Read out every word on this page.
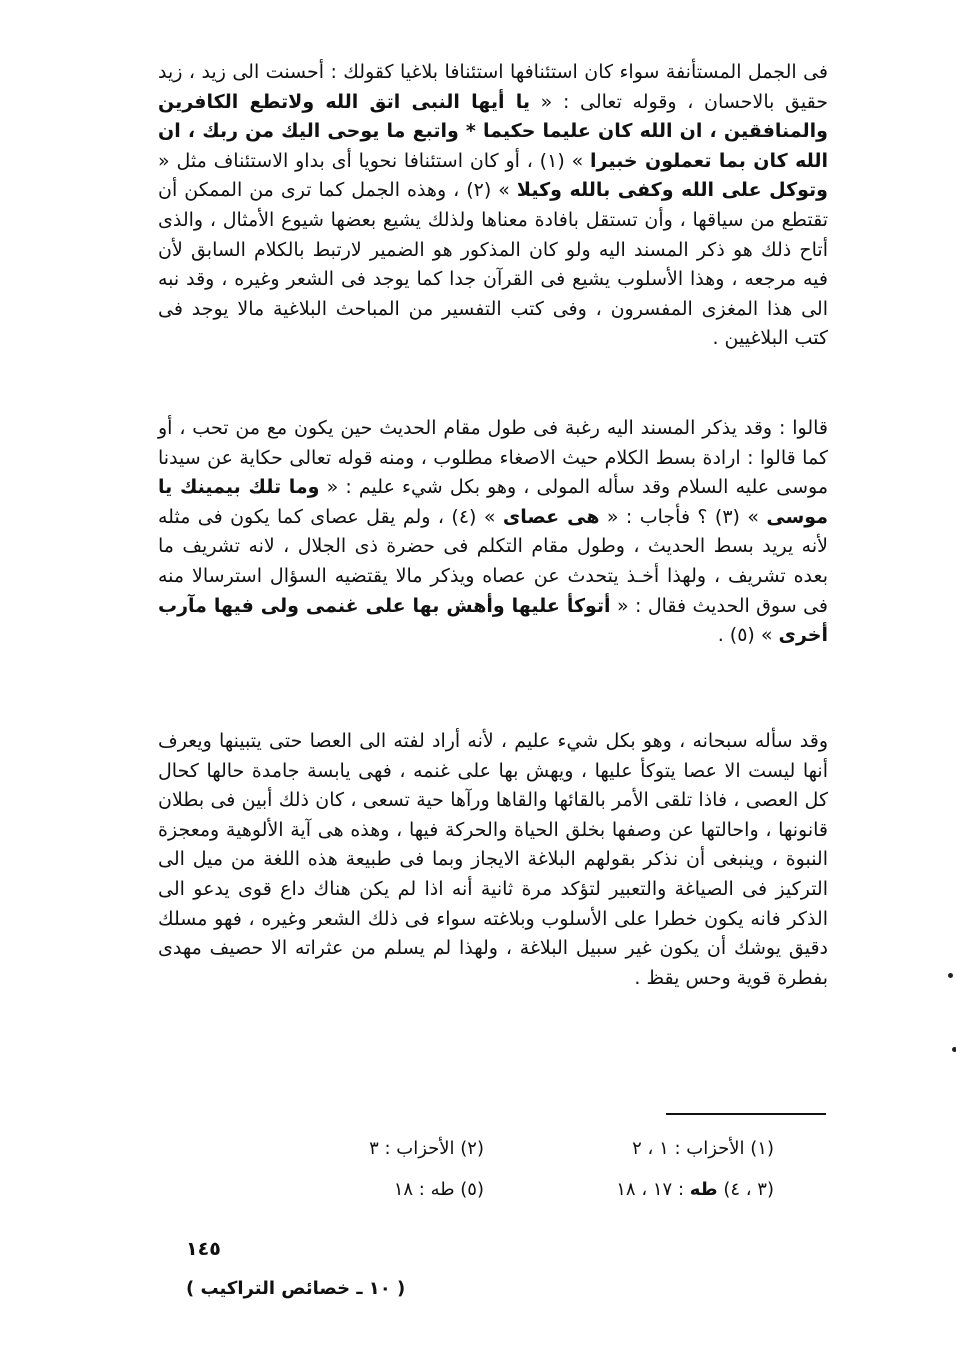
فى الجمل المستأنفة سواء كان استئنافها استئنافا بلاغيا كقولك : أحسنت الى زيد ، زيد حقيق بالاحسان ، وقوله تعالى : « يا أيها النبى اتق الله ولاتطع الكافرين والمنافقين ، ان الله كان عليما حكيما * واتبع ما يوحى اليك من ربك ، ان الله كان بما تعملون خبيرا » (١) ، أو كان استئنافا نحويا أى بداو الاستئناف مثل « وتوكل على الله وكفى بالله وكيلا » (٢) ، وهذه الجمل كما ترى من الممكن أن تقتطع من سياقها ، وأن تستقل بافادة معناها ولذلك يشيع بعضها شيوع الأمثال ، والذى أتاح ذلك هو ذكر المسند اليه ولو كان المذكور هو الضمير لارتبط بالكلام السابق لأن فيه مرجعه ، وهذا الأسلوب يشيع فى القرآن جدا كما يوجد فى الشعر وغيره ، وقد نبه الى هذا المغزى المفسرون ، وفى كتب التفسير من المباحث البلاغية مالا يوجد فى كتب البلاغيين .

قالوا : وقد يذكر المسند اليه رغبة فى طول مقام الحديث حين يكون مع من تحب ، أو كما قالوا : ارادة بسط الكلام حيث الاصغاء مطلوب ، ومنه قوله تعالى حكاية عن سيدنا موسى عليه السلام وقد سأله المولى ، وهو بكل شيء عليم : « وما تلك بيمينك يا موسى » (٣) ؟ فأجاب : « هى عصاى » (٤) ، ولم يقل عصاى كما يكون فى مثله لأنه يريد بسط الحديث ، وطول مقام التكلم فى حضرة ذى الجلال ، لانه تشريف ما بعده تشريف ، ولهذا أخـذ يتحدث عن عصاه ويذكر مالا يقتضيه السؤال استرسالا منه فى سوق الحديث فقال : « أتوكأ عليها وأهش بها على غنمى ولى فيها مآرب أخرى » (٥) .

وقد سأله سبحانه ، وهو بكل شيء عليم ، لأنه أراد لفته الى العصا حتى يتبينها ويعرف أنها ليست الا عصا يتوكأ عليها ، ويهش بها على غنمه ، فهى يابسة جامدة حالها كحال كل العصى ، فاذا تلقى الأمر بالقائها والقاها ورآها حية تسعى ، كان ذلك أبين فى بطلان قانونها ، واحالتها عن وصفها بخلق الحياة والحركة فيها ، وهذه هى آية الألوهية ومعجزة النبوة ، وينبغى أن نذكر بقولهم البلاغة الايجاز وبما فى طبيعة هذه اللغة من ميل الى التركيز فى الصياغة والتعبير لتؤكد مرة ثانية أنه اذا لم يكن هناك داع قوى يدعو الى الذكر فانه يكون خطرا على الأسلوب وبلاغته سواء فى ذلك الشعر وغيره ، فهو مسلك دقيق يوشك أن يكون غير سبيل البلاغة ، ولهذا لم يسلم من عثراته الا حصيف مهدى بفطرة قوية وحس يقظ .

(١) الأحزاب : ١ ، ٢
(٢) الأحزاب : ٣
(٣ ، ٤) طه : ١٧ ، ١٨
(٥) طه : ١٨
١٤٥
( ١٠ ـ خصائص التراكيب )
